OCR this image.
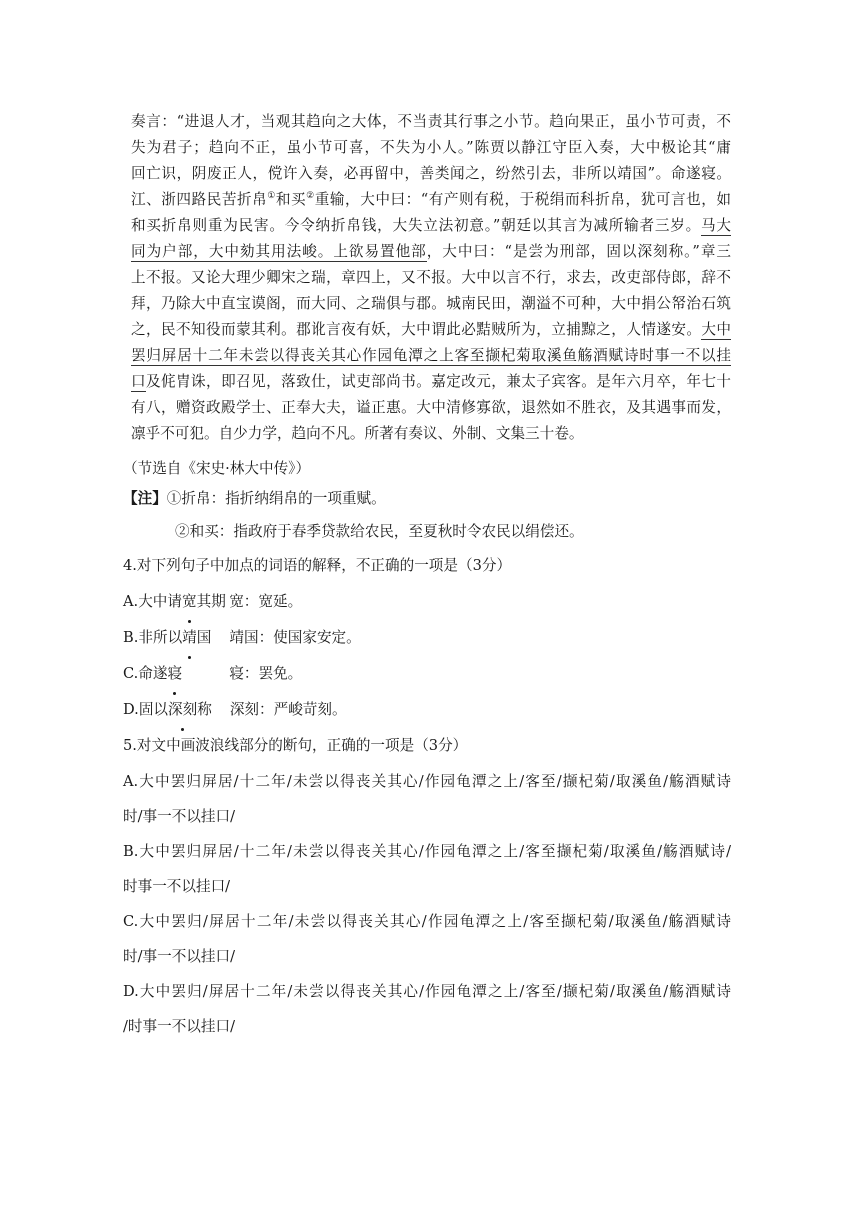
奏言：“进退人才，当观其趋向之大体，不当责其行事之小节。趋向果正，虽小节可责，不
失为君子；趋向不正，虽小节可喜，不失为小人。”陈贾以静江守臣入奏，大中极论其“庸
回亡识，阴废正人，傥许入奏，必再留中，善类闻之，纷然引去，非所以靖国”。命遂寝。
江、浙四路民苦折帛①和买②重输，大中曰：“有产则有税，于税绢而科折帛，犹可言也，如
和买折帛则重为民害。今令纳折帛钱，大失立法初意。”朝廷以其言为减所输者三岁。马大
同为户部，大中劾其用法峻。上欲易置他部，大中曰：“是尝为刑部，固以深刻称。”章三
上不报。又论大理少卿宋之瑞，章四上，又不报。大中以言不行，求去，改吏部侍郎，辞不
拜，乃除大中直宝谟阁，而大同、之瑞俱与郡。城南民田，潮溢不可种，大中捐公帑治石筑
之，民不知役而蒙其利。郡讹言夜有妖，大中谓此必黠贼所为，立捕黥之，人情遂安。大中
罢归屏居十二年未尝以得丧关其心作园龟潭之上客至撷杞菊取溪鱼觞酒赋诗时事一不以挂
口及侂胄诛，即召见，落致仕，试吏部尚书。嘉定改元，兼太子宾客。是年六月卒，年七十
有八，赠资政殿学士、正奉大夫，谥正惠。大中清修寡欲，退然如不胜衣，及其遇事而发，
凛乎不可犯。自少力学，趋向不凡。所著有奏议、外制、文集三十卷。
（节选自《宋史·林大中传》）
【注】①折帛：指折纳绢帛的一项重赋。
②和买：指政府于春季贷款给农民，至夏秋时令农民以绢偿还。
4.对下列句子中加点的词语的解释，不正确的一项是（3分）
A.大中请宽其期 宽：宽延。
B.非所以靖国 靖国：使国家安定。
C.命遂寝	寝：罢免。
D.固以深刻称 深刻：严峻苛刻。
5.对文中画波浪线部分的断句，正确的一项是（3分）
A.大中罢归屏居/十二年/未尝以得丧关其心/作园龟潭之上/客至/撷杞菊/取溪鱼/觞酒赋诗
时/事一不以挂口/
B.大中罢归屏居/十二年/未尝以得丧关其心/作园龟潭之上/客至撷杞菊/取溪鱼/觞酒赋诗/
时事一不以挂口/
C.大中罢归/屏居十二年/未尝以得丧关其心/作园龟潭之上/客至撷杞菊/取溪鱼/觞酒赋诗
时/事一不以挂口/
D.大中罢归/屏居十二年/未尝以得丧关其心/作园龟潭之上/客至/撷杞菊/取溪鱼/觞酒赋诗
/时事一不以挂口/
